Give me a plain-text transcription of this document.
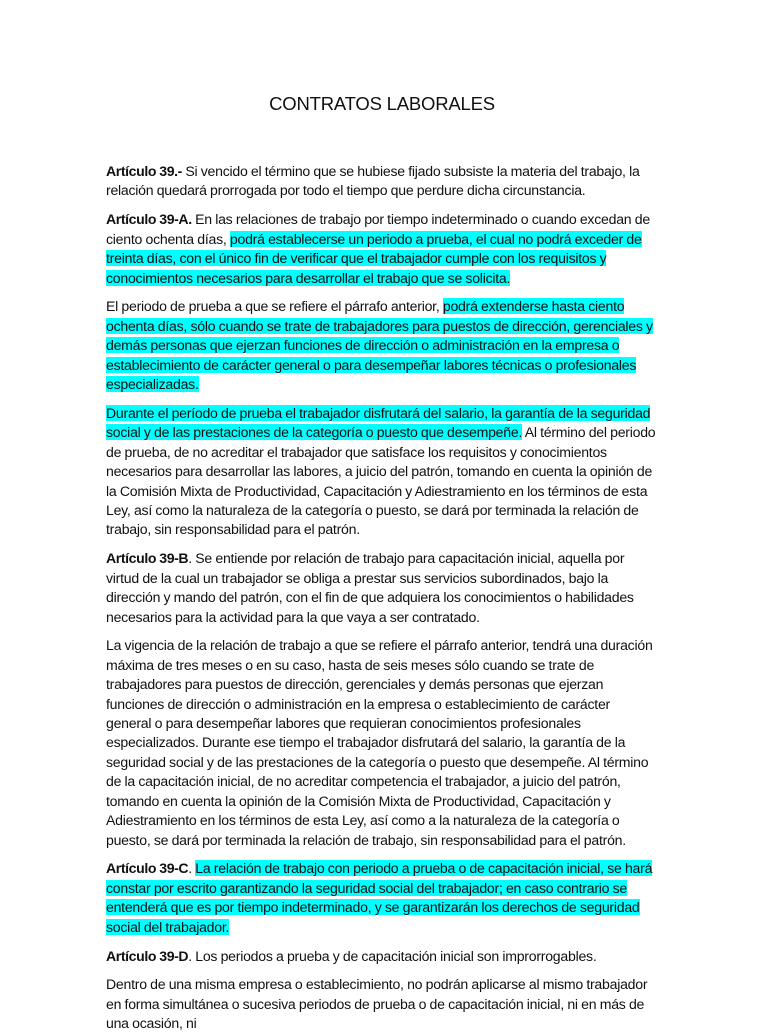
CONTRATOS LABORALES

Artículo 39.- Si vencido el término que se hubiese fijado subsiste la materia del trabajo, la relación quedará prorrogada por todo el tiempo que perdure dicha circunstancia.

Artículo 39-A. En las relaciones de trabajo por tiempo indeterminado o cuando excedan de ciento ochenta días, podrá establecerse un periodo a prueba, el cual no podrá exceder de treinta días, con el único fin de verificar que el trabajador cumple con los requisitos y conocimientos necesarios para desarrollar el trabajo que se solicita.

El periodo de prueba a que se refiere el párrafo anterior, podrá extenderse hasta ciento ochenta días, sólo cuando se trate de trabajadores para puestos de dirección, gerenciales y demás personas que ejerzan funciones de dirección o administración en la empresa o establecimiento de carácter general o para desempeñar labores técnicas o profesionales especializadas.

Durante el período de prueba el trabajador disfrutará del salario, la garantía de la seguridad social y de las prestaciones de la categoría o puesto que desempeñe. Al término del periodo de prueba, de no acreditar el trabajador que satisface los requisitos y conocimientos necesarios para desarrollar las labores, a juicio del patrón, tomando en cuenta la opinión de la Comisión Mixta de Productividad, Capacitación y Adiestramiento en los términos de esta Ley, así como la naturaleza de la categoría o puesto, se dará por terminada la relación de trabajo, sin responsabilidad para el patrón.

Artículo 39-B. Se entiende por relación de trabajo para capacitación inicial, aquella por virtud de la cual un trabajador se obliga a prestar sus servicios subordinados, bajo la dirección y mando del patrón, con el fin de que adquiera los conocimientos o habilidades necesarios para la actividad para la que vaya a ser contratado.

La vigencia de la relación de trabajo a que se refiere el párrafo anterior, tendrá una duración máxima de tres meses o en su caso, hasta de seis meses sólo cuando se trate de trabajadores para puestos de dirección, gerenciales y demás personas que ejerzan funciones de dirección o administración en la empresa o establecimiento de carácter general o para desempeñar labores que requieran conocimientos profesionales especializados. Durante ese tiempo el trabajador disfrutará del salario, la garantía de la seguridad social y de las prestaciones de la categoría o puesto que desempeñe. Al término de la capacitación inicial, de no acreditar competencia el trabajador, a juicio del patrón, tomando en cuenta la opinión de la Comisión Mixta de Productividad, Capacitación y Adiestramiento en los términos de esta Ley, así como a la naturaleza de la categoría o puesto, se dará por terminada la relación de trabajo, sin responsabilidad para el patrón.

Artículo 39-C. La relación de trabajo con periodo a prueba o de capacitación inicial, se hará constar por escrito garantizando la seguridad social del trabajador; en caso contrario se entenderá que es por tiempo indeterminado, y se garantizarán los derechos de seguridad social del trabajador.

Artículo 39-D. Los periodos a prueba y de capacitación inicial son improrrogables.

Dentro de una misma empresa o establecimiento, no podrán aplicarse al mismo trabajador en forma simultánea o sucesiva periodos de prueba o de capacitación inicial, ni en más de una ocasión, ni
